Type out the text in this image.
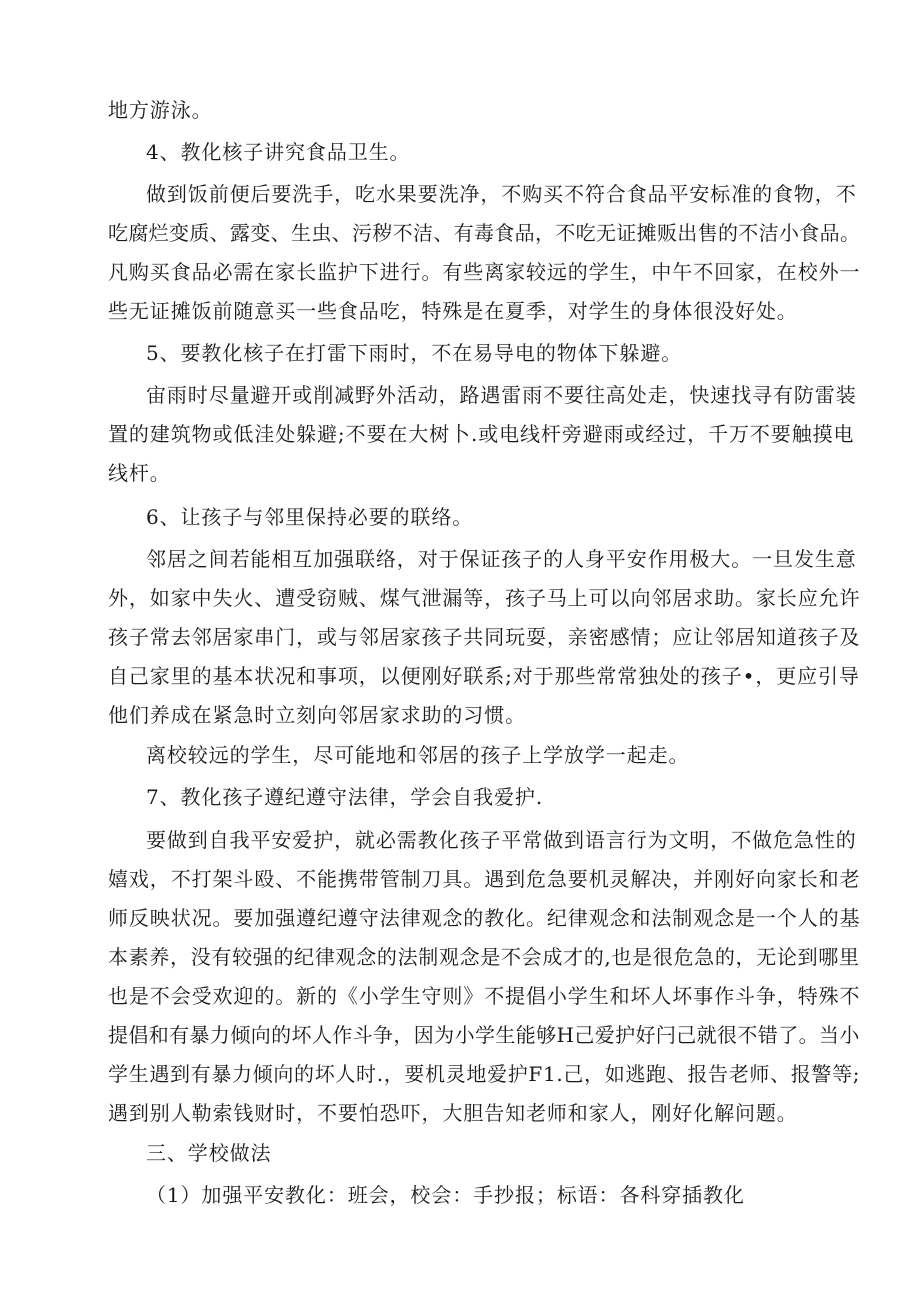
地方游泳。
4、教化核子讲究食品卫生。
做到饭前便后要洗手，吃水果要洗净，不购买不符合食品平安标准的食物，不
吃腐烂变质、露变、生虫、污秽不洁、有毒食品，不吃无证摊贩出售的不洁小食品。
凡购买食品必需在家长监护下进行。有些离家较远的学生，中午不回家，在校外一
些无证摊饭前随意买一些食品吃，特殊是在夏季，对学生的身体很没好处。
5、要教化核子在打雷下雨时，不在易导电的物体下躲避。
宙雨时尽量避开或削减野外活动，路遇雷雨不要往高处走，快速找寻有防雷装
置的建筑物或低洼处躲避;不要在大树卜.或电线杆旁避雨或经过，千万不要触摸电
线杆。
6、让孩子与邻里保持必要的联络。
邻居之间若能相互加强联络，对于保证孩子的人身平安作用极大。一旦发生意
外，如家中失火、遭受窃贼、煤气泄漏等，孩子马上可以向邻居求助。家长应允许
孩子常去邻居家串门，或与邻居家孩子共同玩耍，亲密感情；应让邻居知道孩子及
自己家里的基本状况和事项，以便刚好联系;对于那些常常独处的孩子•，更应引导
他们养成在紧急时立刻向邻居家求助的习惯。
离校较远的学生，尽可能地和邻居的孩子上学放学一起走。
7、教化孩子遵纪遵守法律，学会自我爱护.
要做到自我平安爱护，就必需教化孩子平常做到语言行为文明，不做危急性的
嬉戏，不打架斗殴、不能携带管制刀具。遇到危急要机灵解决，并刚好向家长和老
师反映状况。要加强遵纪遵守法律观念的教化。纪律观念和法制观念是一个人的基
本素养，没有较强的纪律观念的法制观念是不会成才的,也是很危急的，无论到哪里
也是不会受欢迎的。新的《小学生守则》不提倡小学生和坏人坏事作斗争，特殊不
提倡和有暴力倾向的坏人作斗争，因为小学生能够H己爱护好闩己就很不错了。当小
学生遇到有暴力倾向的坏人时.，要机灵地爱护F1.己，如逃跑、报告老师、报警等;
遇到别人勒索钱财时，不要怕恐吓，大胆告知老师和家人，刚好化解问题。
三、学校做法
（1）加强平安教化：班会，校会：手抄报；标语：各科穿插教化
